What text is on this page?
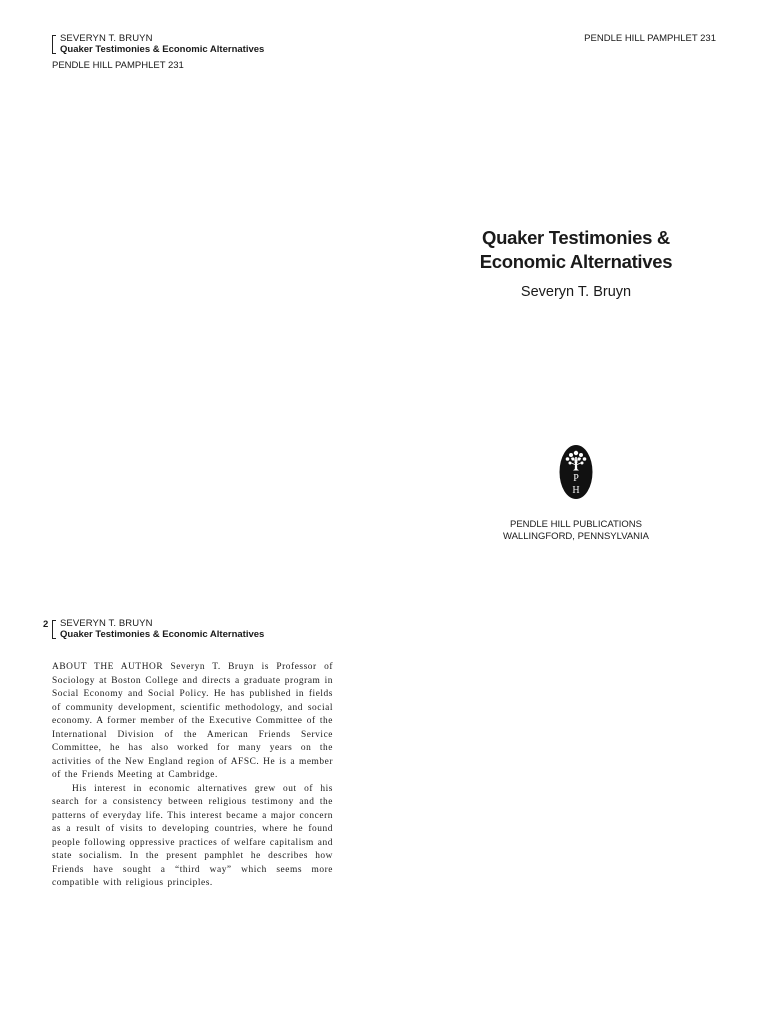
SEVERYN T. BRUYN
Quaker Testimonies & Economic Alternatives
PENDLE HILL PAMPHLET 231
PENDLE HILL PAMPHLET 231
Quaker Testimonies &
Economic Alternatives
Severyn T. Bruyn
P
H
PENDLE HILL PUBLICATIONS
WALLINGFORD, PENNSYLVANIA
2 SEVERYN T. BRUYN
Quaker Testimonies & Economic Alternatives

ABOUT THE AUTHOR Severyn T. Bruyn is Professor of Sociology at Boston College and directs a graduate program in Social Economy and Social Policy. He has published in fields of community development, scientific methodology, and social economy. A former member of the Executive Committee of the International Division of the American Friends Service Committee, he has also worked for many years on the activities of the New England region of AFSC. He is a member of the Friends Meeting at Cambridge.

His interest in economic alternatives grew out of his search for a consistency between religious testimony and the patterns of everyday life. This interest became a major concern as a result of visits to developing countries, where he found people following oppressive practices of welfare capitalism and state socialism. In the present pamphlet he describes how Friends have sought a “third way” which seems more compatible with religious principles.
